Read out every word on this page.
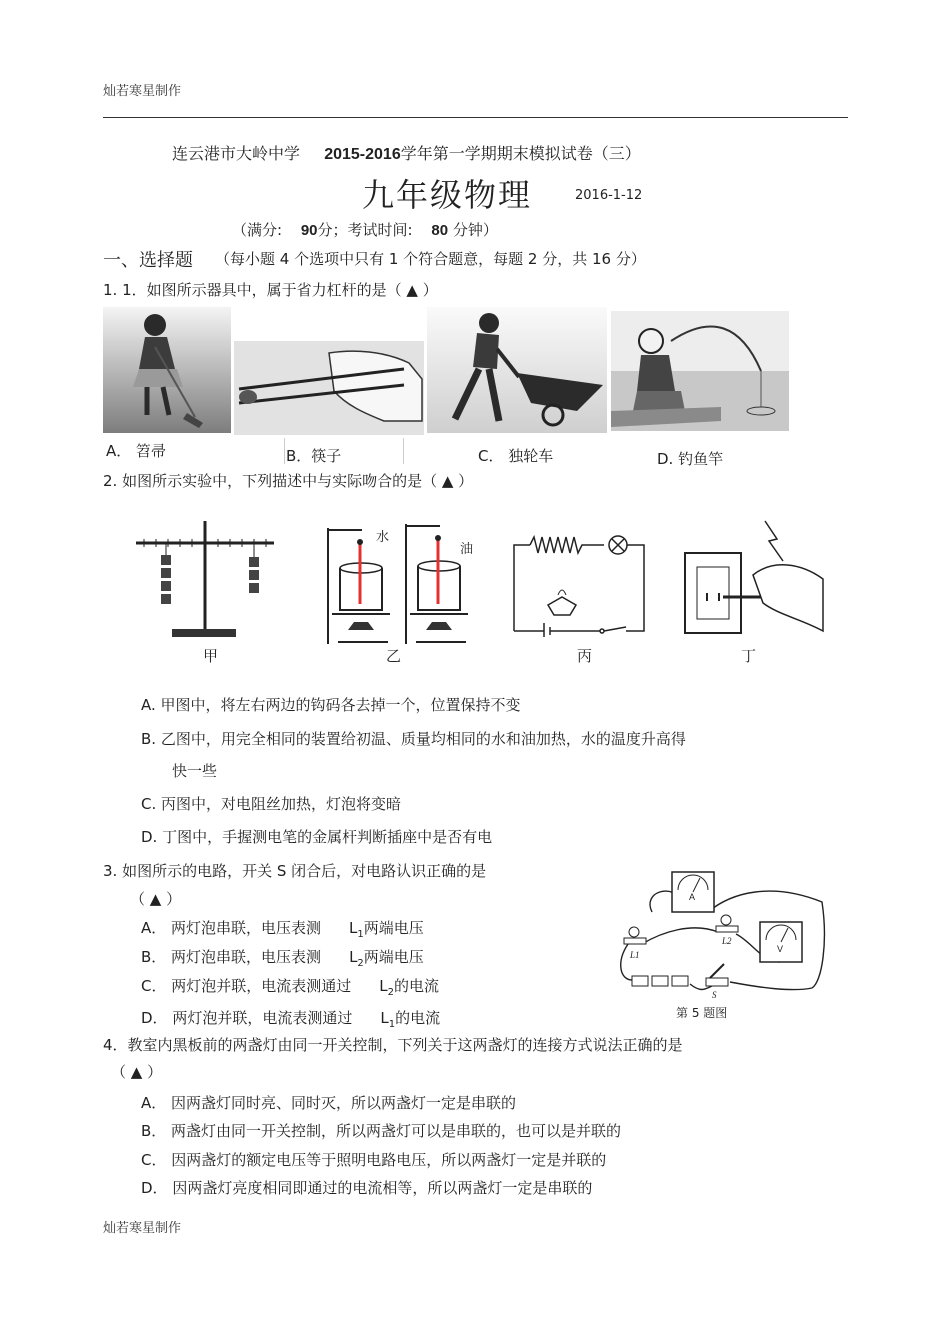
灿若寒星制作
连云港市大岭中学 2015-2016学年第一学期期末模拟试卷（三）
九年级物理	2016-1-12
（满分: 90分；考试时间: 80 分钟）
一、选择题 （每小题 4 个选项中只有 1 个符合题意，每题 2 分，共 16 分）
1. 1．如图所示器具中，属于省力杠杆的是（ ▲ ）
A． 笤帚	B．筷子	C． 独轮车	D. 钓鱼竿
2. 如图所示实验中，下列描述中与实际吻合的是（ ▲ ）
水
油
甲	乙	丙	丁
A. 甲图中，将左右两边的钩码各去掉一个，位置保持不变
B. 乙图中，用完全相同的装置给初温、质量均相同的水和油加热，水的温度升高得
快一些
C. 丙图中，对电阻丝加热，灯泡将变暗
D. 丁图中，手握测电笔的金属杆判断插座中是否有电
3. 如图所示的电路，开关 S 闭合后，对电路认识正确的是
（ ▲ ）
A． 两灯泡串联，电压表测 $L_1$两端电压
B． 两灯泡串联，电压表测 $L_2$两端电压
C． 两灯泡并联，电流表测通过 $L_2$的电流
D． 两灯泡并联，电流表测通过 $L_1$的电流
A
V
L1
L2
S
第 5 题图
4．教室内黑板前的两盏灯由同一开关控制，下列关于这两盏灯的连接方式说法正确的是
（ ▲ ）
A． 因两盏灯同时亮、同时灭，所以两盏灯一定是串联的
B． 两盏灯由同一开关控制，所以两盏灯可以是串联的，也可以是并联的
C． 因两盏灯的额定电压等于照明电路电压，所以两盏灯一定是并联的
D． 因两盏灯亮度相同即通过的电流相等，所以两盏灯一定是串联的
灿若寒星制作
